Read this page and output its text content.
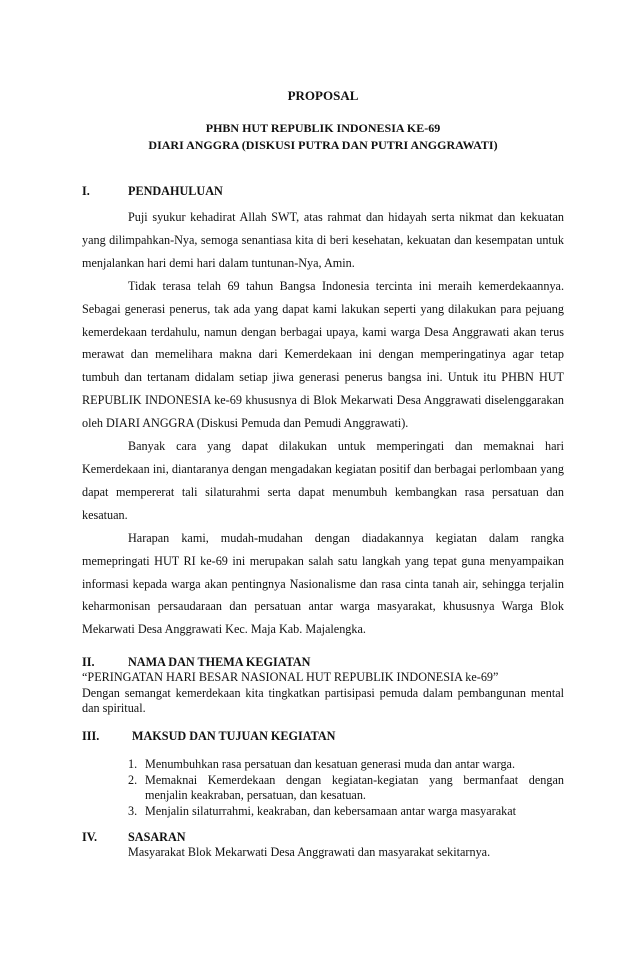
PROPOSAL

PHBN HUT REPUBLIK INDONESIA KE-69

DIARI ANGGRA (DISKUSI PUTRA DAN PUTRI ANGGRAWATI)

I.	PENDAHULUAN

Puji syukur kehadirat Allah SWT, atas rahmat dan hidayah serta nikmat dan kekuatan yang dilimpahkan-Nya, semoga senantiasa kita di beri kesehatan, kekuatan dan kesempatan untuk menjalankan hari demi hari dalam tuntunan-Nya, Amin.

Tidak terasa telah 69 tahun Bangsa Indonesia tercinta ini meraih kemerdekaannya. Sebagai generasi penerus, tak ada yang dapat kami lakukan seperti yang dilakukan para pejuang kemerdekaan terdahulu, namun dengan berbagai upaya, kami warga Desa Anggrawati akan terus merawat dan memelihara makna dari Kemerdekaan ini dengan memperingatinya agar tetap tumbuh dan tertanam didalam setiap jiwa generasi penerus bangsa ini. Untuk itu PHBN HUT REPUBLIK INDONESIA ke-69 khususnya di Blok Mekarwati Desa Anggrawati diselenggarakan oleh DIARI ANGGRA (Diskusi Pemuda dan Pemudi Anggrawati).

Banyak cara yang dapat dilakukan untuk memperingati dan memaknai hari Kemerdekaan ini, diantaranya dengan mengadakan kegiatan positif dan berbagai perlombaan yang dapat mempererat tali silaturahmi serta dapat menumbuh kembangkan rasa persatuan dan kesatuan.

Harapan kami, mudah-mudahan dengan diadakannya kegiatan dalam rangka memepringati HUT RI ke-69 ini merupakan salah satu langkah yang tepat guna menyampaikan informasi kepada warga akan pentingnya Nasionalisme dan rasa cinta tanah air, sehingga terjalin keharmonisan persaudaraan dan persatuan antar warga masyarakat, khususnya Warga Blok Mekarwati Desa Anggrawati Kec. Maja Kab. Majalengka.

II.	NAMA DAN THEMA KEGIATAN

“PERINGATAN HARI BESAR NASIONAL HUT REPUBLIK INDONESIA ke-69”

Dengan semangat kemerdekaan kita tingkatkan partisipasi pemuda dalam pembangunan mental dan spiritual.

III.	MAKSUD DAN TUJUAN KEGIATAN
1. Menumbuhkan rasa persatuan dan kesatuan generasi muda dan antar warga.
2. Memaknai Kemerdekaan dengan kegiatan-kegiatan yang bermanfaat dengan menjalin keakraban, persatuan, dan kesatuan.
3. Menjalin silaturrahmi, keakraban, dan kebersamaan antar warga masyarakat
IV.	SASARAN

Masyarakat Blok Mekarwati Desa Anggrawati dan masyarakat sekitarnya.
